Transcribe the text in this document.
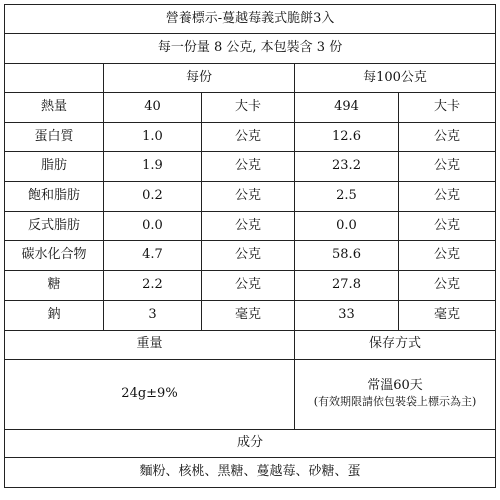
營養標示-蔓越莓義式脆餅3入				
每一份量 8 公克, 本包裝含 3 份				
	每份		每100公克	
熱量	40	大卡	494	大卡
蛋白質	1.0	公克	12.6	公克
脂肪	1.9	公克	23.2	公克
飽和脂肪	0.2	公克	2.5	公克
反式脂肪	0.0	公克	0.0	公克
碳水化合物	4.7	公克	58.6	公克
糖	2.2	公克	27.8	公克
鈉	3	毫克	33	毫克
重量			保存方式	
24g±9%			常溫60天
(有效期限請依包裝袋上標示為主)	

成分				
麵粉、核桃、黑糖、蔓越莓、砂糖、蛋				
